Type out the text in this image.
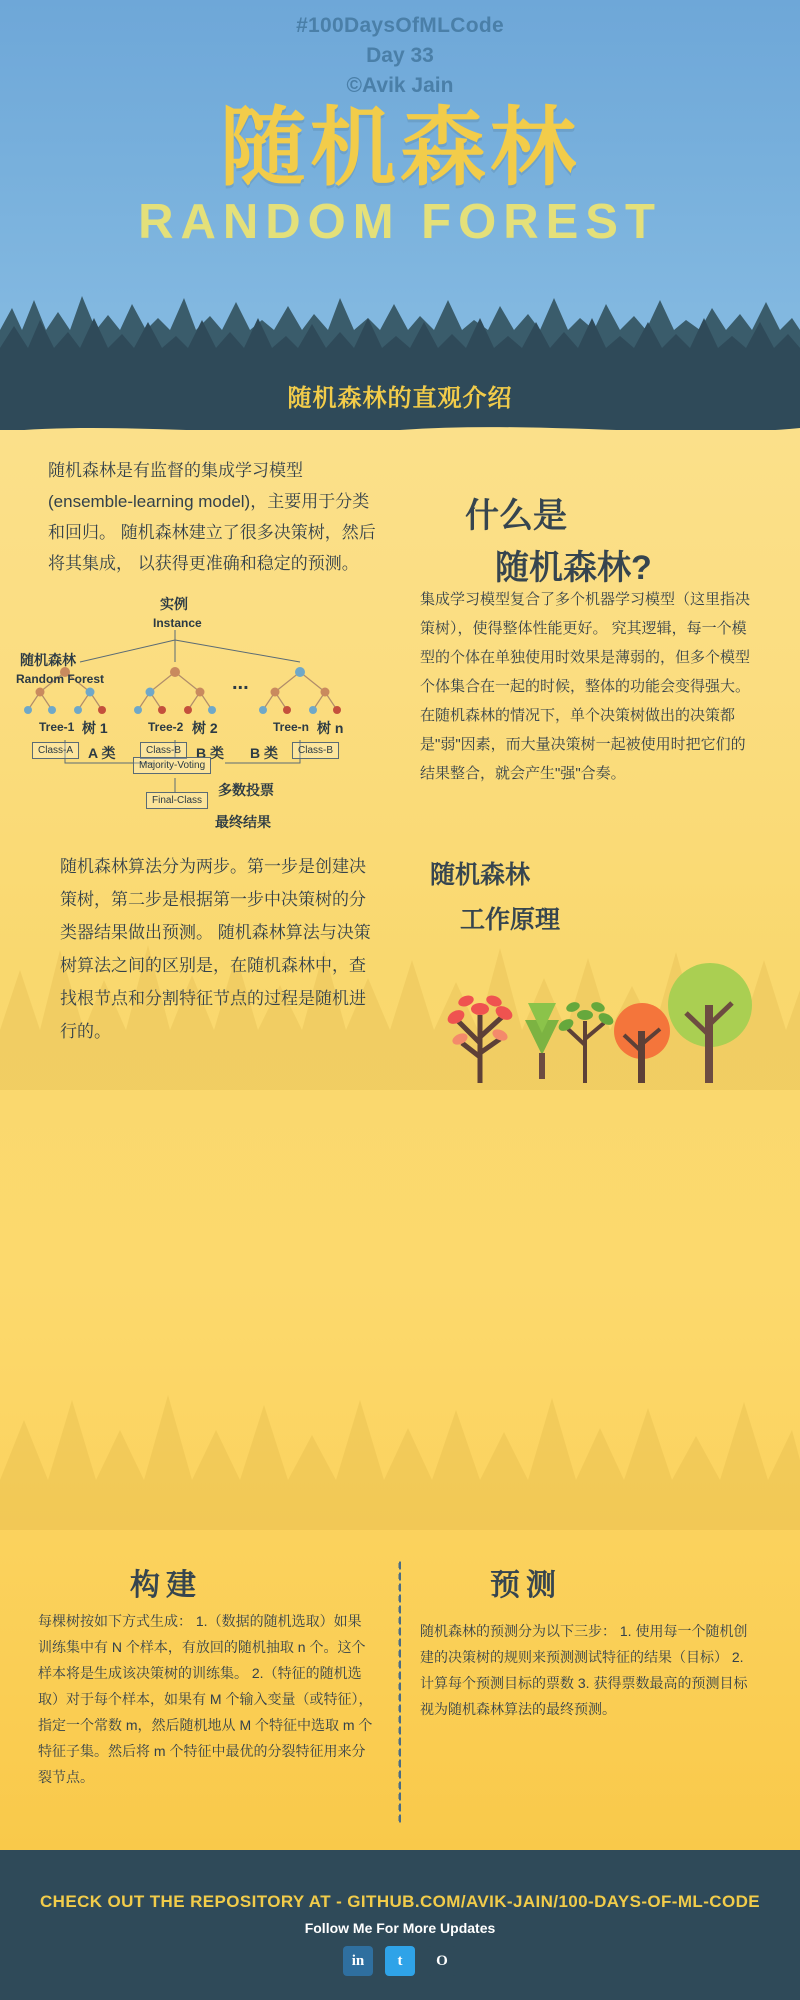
#100DaysOfMLCode
Day 33
©Avik Jain
随机森林
RANDOM FOREST
随机森林的直观介绍
随机森林是有监督的集成学习模型 (ensemble-learning model)，主要用于分类和回归。 随机森林建立了很多决策树，然后将其集成， 以获得更准确和稳定的预测。
什么是
随机森林?
实例
Instance
随机森林
Random Forest
Tree-1 树 1	Tree-2 树 2	Tree-n 树 n
...
Class-A	A 类	Class-B	B 类 B 类	Class-B
Majority-Voting
多数投票
Final-Class
最终结果
集成学习模型复合了多个机器学习模型（这里指决策树），使得整体性能更好。 究其逻辑，每一个模型的个体在单独使用时效果是薄弱的，但多个模型个体集合在一起的时候，整体的功能会变得强大。在随机森林的情况下，单个决策树做出的决策都是"弱"因素，而大量决策树一起被使用时把它们的结果整合，就会产生"强"合奏。
随机森林算法分为两步。第一步是创建决策树，第二步是根据第一步中决策树的分类器结果做出预测。 随机森林算法与决策树算法之间的区别是，在随机森林中，查找根节点和分割特征节点的过程是随机进行的。
随机森林
工作原理
构建	预测
每棵树按如下方式生成： 1.（数据的随机选取）如果训练集中有 N 个样本，有放回的随机抽取 n 个。这个样本将是生成该决策树的训练集。 2.（特征的随机选取）对于每个样本，如果有 M 个输入变量（或特征），指定一个常数 m，然后随机地从 M 个特征中选取 m 个特征子集。然后将 m 个特征中最优的分裂特征用来分裂节点。
随机森林的预测分为以下三步： 1. 使用每一个随机创建的决策树的规则来预测测试特征的结果（目标） 2. 计算每个预测目标的票数 3. 获得票数最高的预测目标视为随机森林算法的最终预测。
CHECK OUT THE REPOSITORY AT - GITHUB.COM/AVIK-JAIN/100-DAYS-OF-ML-CODE
Follow Me For More Updates
in	t	O
